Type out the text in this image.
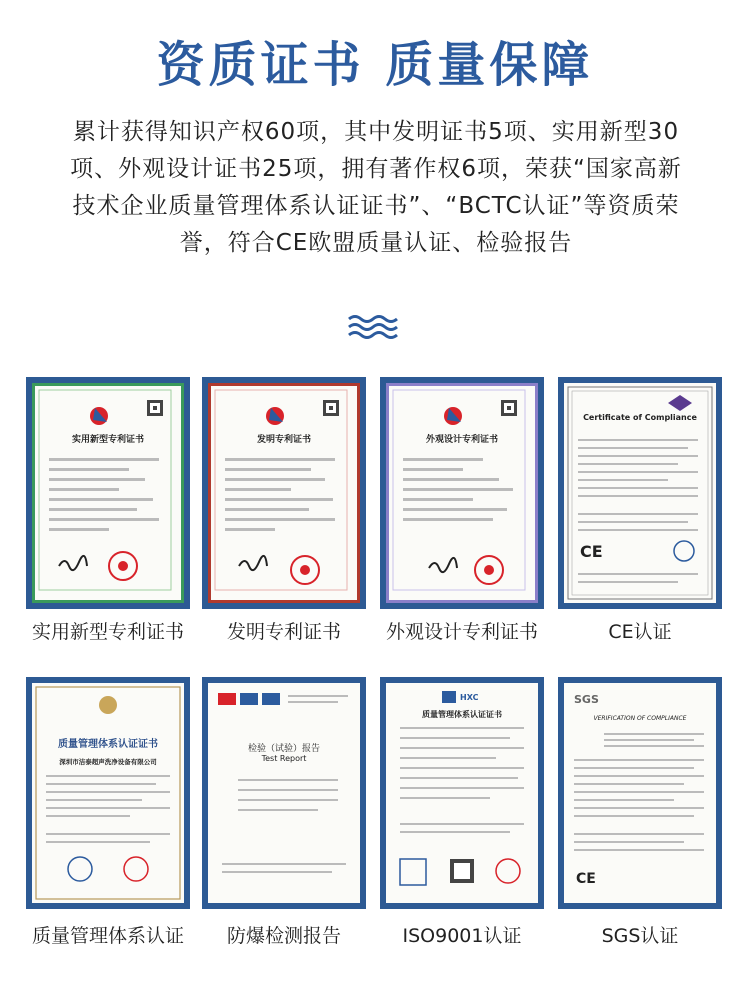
资质证书 质量保障
累计获得知识产权60项，其中发明证书5项、实用新型30项、外观设计证书25项，拥有著作权6项，荣获“国家高新技术企业质量管理体系认证证书”、“BCTC认证”等资质荣誉，符合CE欧盟质量认证、检验报告
实用新型专利证书
实用新型专利证书
发明专利证书
发明专利证书
外观设计专利证书
外观设计专利证书
CE
Certificate of Compliance
CE认证
质量管理体系认证证书
深圳市洁泰超声洗净设备有限公司
质量管理体系认证
检验（试验）报告
Test Report
防爆检测报告
HXC
质量管理体系认证证书
ISO9001认证
CE
SGS
VERIFICATION OF COMPLIANCE
SGS认证
